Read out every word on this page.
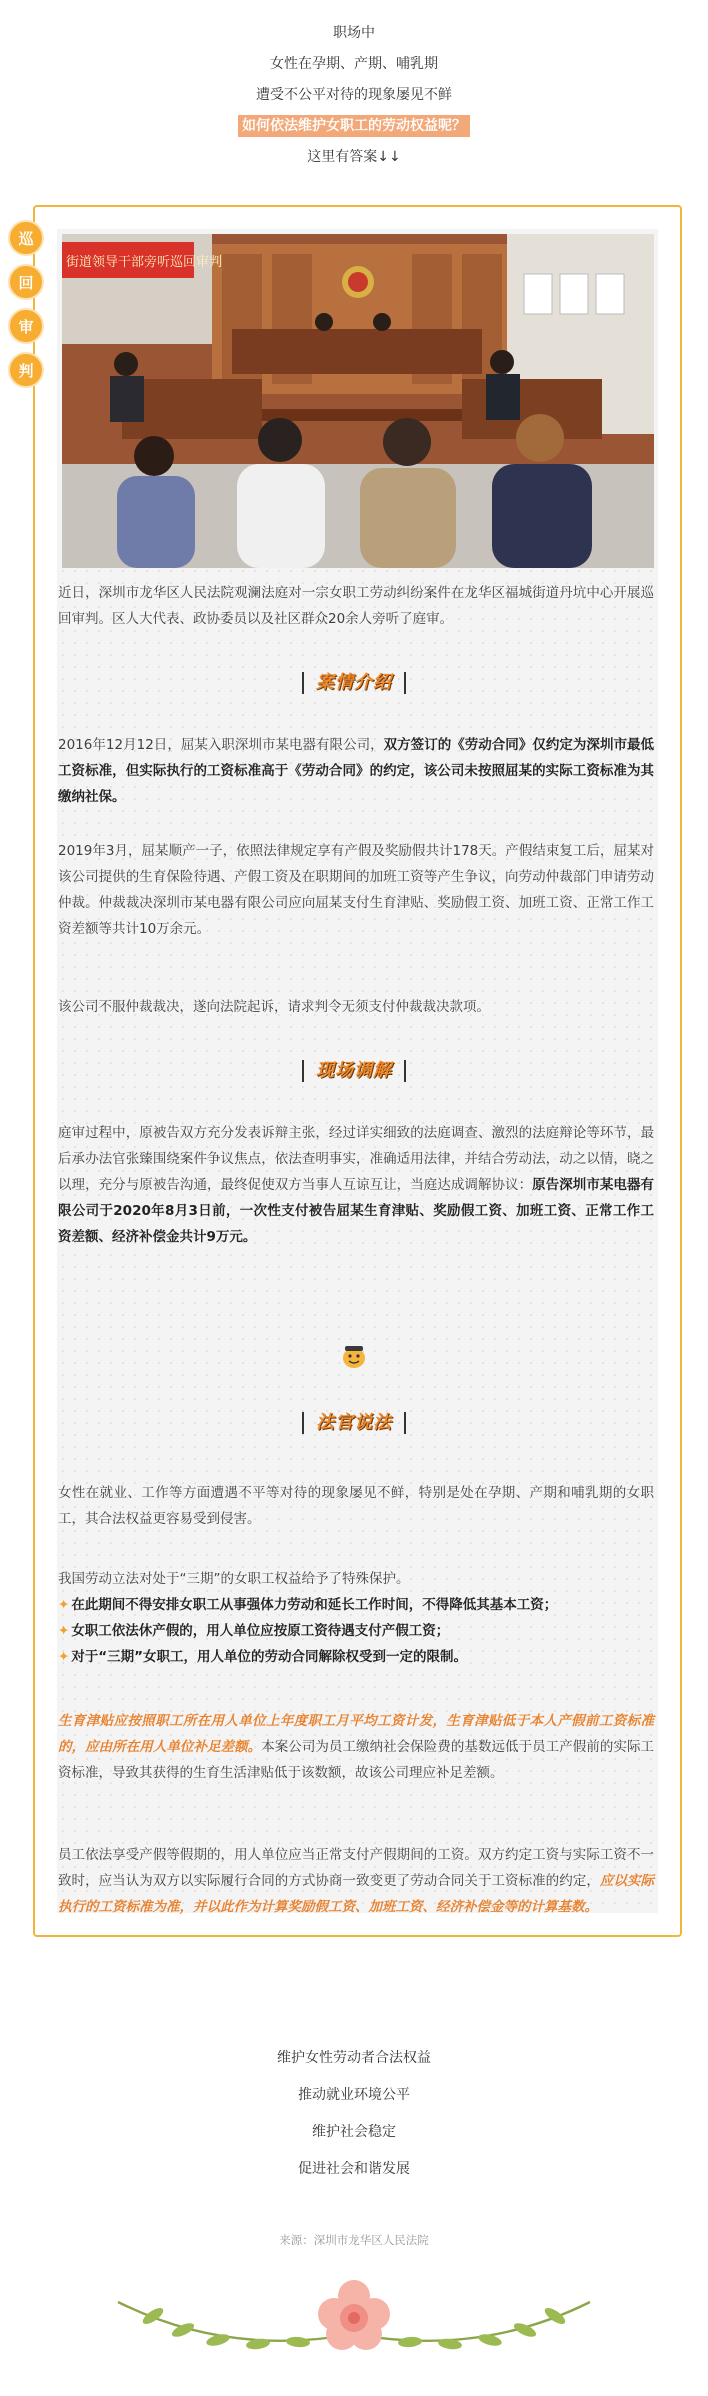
职场中
女性在孕期、产期、哺乳期
遭受不公平对待的现象屡见不鲜
如何依法维护女职工的劳动权益呢？
这里有答案↓↓
巡
回
审
判
街道领导干部旁听巡回审判
近日，深圳市龙华区人民法院观澜法庭对一宗女职工劳动纠纷案件在龙华区福城街道丹坑中心开展巡回审判。区人大代表、政协委员以及社区群众20余人旁听了庭审。
案情介绍
2016年12月12日，屈某入职深圳市某电器有限公司，双方签订的《劳动合同》仅约定为深圳市最低工资标准，但实际执行的工资标准高于《劳动合同》的约定，该公司未按照屈某的实际工资标准为其缴纳社保。
2019年3月，屈某顺产一子，依照法律规定享有产假及奖励假共计178天。产假结束复工后，屈某对该公司提供的生育保险待遇、产假工资及在职期间的加班工资等产生争议，向劳动仲裁部门申请劳动仲裁。仲裁裁决深圳市某电器有限公司应向屈某支付生育津贴、奖励假工资、加班工资、正常工作工资差额等共计10万余元。
该公司不服仲裁裁决，遂向法院起诉，请求判令无须支付仲裁裁决款项。
现场调解
庭审过程中，原被告双方充分发表诉辩主张，经过详实细致的法庭调查、激烈的法庭辩论等环节，最后承办法官张臻围绕案件争议焦点，依法查明事实，准确适用法律，并结合劳动法，动之以情，晓之以理，充分与原被告沟通，最终促使双方当事人互谅互让，当庭达成调解协议：原告深圳市某电器有限公司于2020年8月3日前，一次性支付被告屈某生育津贴、奖励假工资、加班工资、正常工作工资差额、经济补偿金共计9万元。
法官说法
女性在就业、工作等方面遭遇不平等对待的现象屡见不鲜，特别是处在孕期、产期和哺乳期的女职工，其合法权益更容易受到侵害。
我国劳动立法对处于“三期”的女职工权益给予了特殊保护。
✦ 在此期间不得安排女职工从事强体力劳动和延长工作时间，不得降低其基本工资；
✦ 女职工依法休产假的，用人单位应按原工资待遇支付产假工资；
✦ 对于“三期”女职工，用人单位的劳动合同解除权受到一定的限制。
生育津贴应按照职工所在用人单位上年度职工月平均工资计发，生育津贴低于本人产假前工资标准的，应由所在用人单位补足差额。本案公司为员工缴纳社会保险费的基数远低于员工产假前的实际工资标准，导致其获得的生育生活津贴低于该数额，故该公司理应补足差额。
员工依法享受产假等假期的，用人单位应当正常支付产假期间的工资。双方约定工资与实际工资不一致时，应当认为双方以实际履行合同的方式协商一致变更了劳动合同关于工资标准的约定，应以实际执行的工资标准为准，并以此作为计算奖励假工资、加班工资、经济补偿金等的计算基数。
维护女性劳动者合法权益
推动就业环境公平
维护社会稳定
促进社会和谐发展
来源：深圳市龙华区人民法院
